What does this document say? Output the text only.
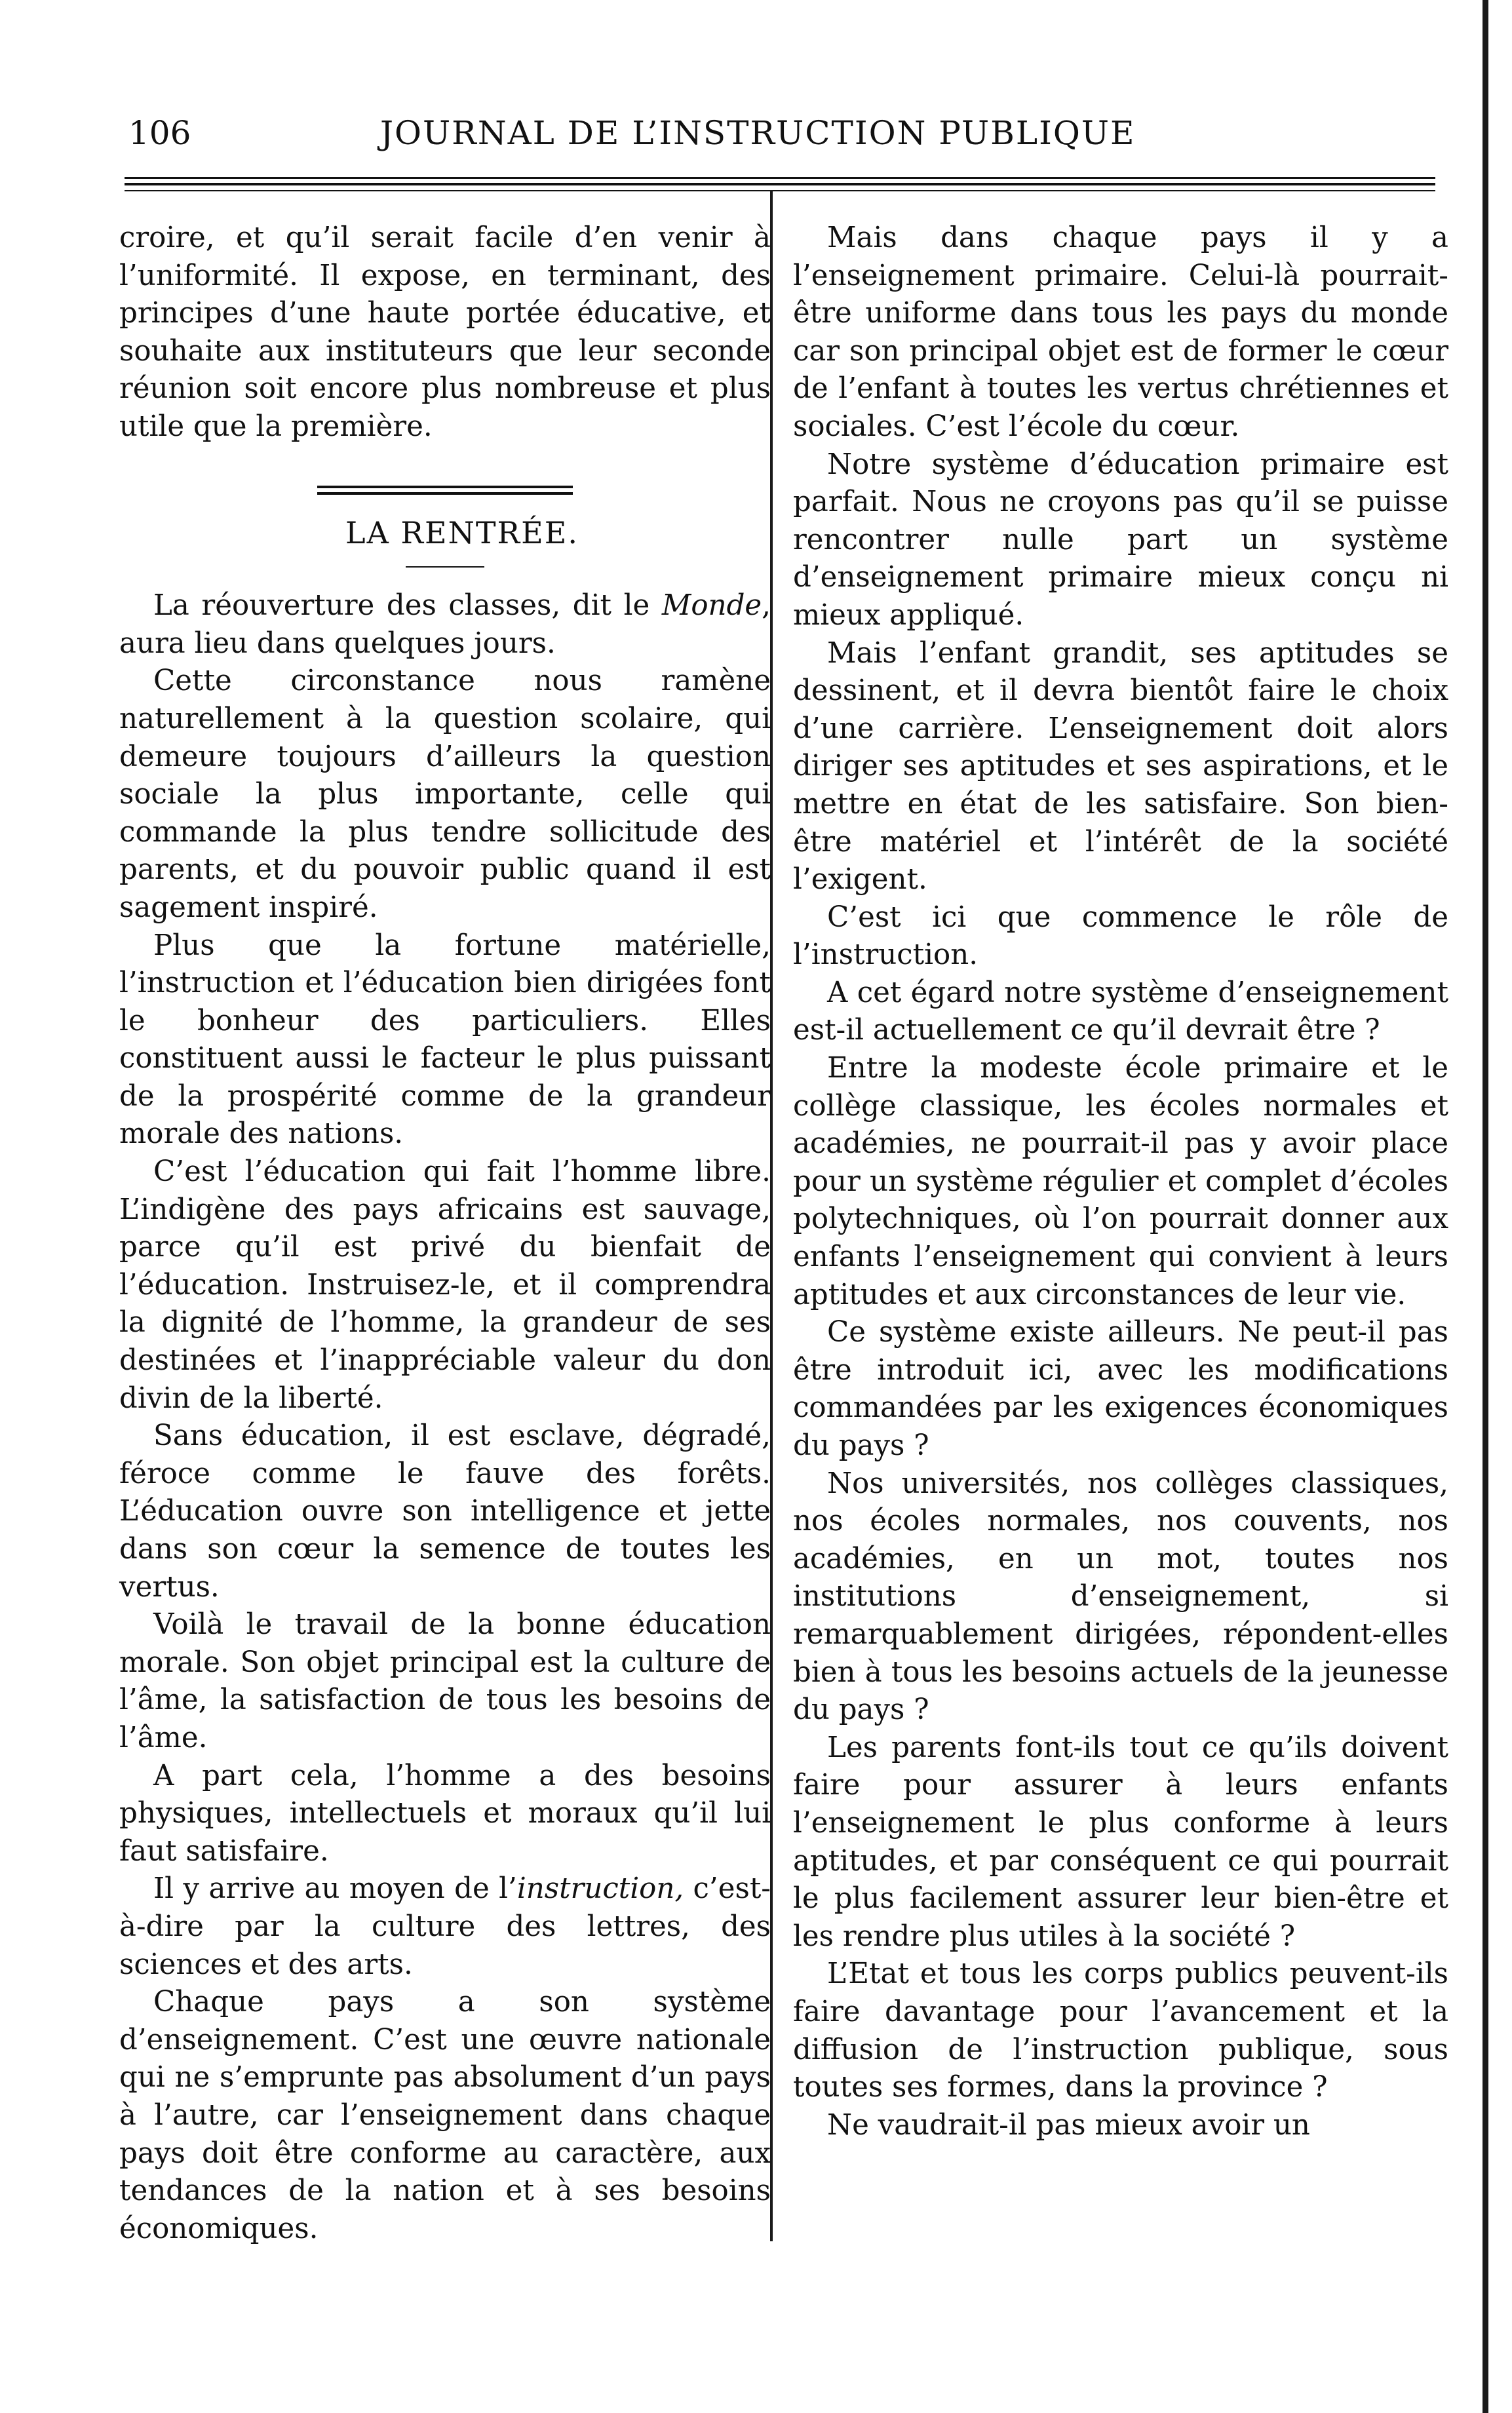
106	JOURNAL DE L’INSTRUCTION PUBLIQUE

croire, et qu’il serait facile d’en venir à l’uniformité. Il expose, en terminant, des principes d’une haute portée éducative, et souhaite aux instituteurs que leur seconde réunion soit encore plus nombreuse et plus utile que la première.

LA RENTRÉE.

La réouverture des classes, dit le Monde, aura lieu dans quelques jours.

Cette circonstance nous ramène naturellement à la question scolaire, qui demeure toujours d’ailleurs la question sociale la plus importante, celle qui commande la plus tendre sollicitude des parents, et du pouvoir public quand il est sagement inspiré.

Plus que la fortune matérielle, l’instruction et l’éducation bien dirigées font le bonheur des particuliers. Elles constituent aussi le facteur le plus puissant de la prospérité comme de la grandeur morale des nations.

C’est l’éducation qui fait l’homme libre. L’indigène des pays africains est sauvage, parce qu’il est privé du bienfait de l’éducation. Instruisez-le, et il comprendra la dignité de l’homme, la grandeur de ses destinées et l’inappréciable valeur du don divin de la liberté.

Sans éducation, il est esclave, dégradé, féroce comme le fauve des forêts. L’éducation ouvre son intelligence et jette dans son cœur la semence de toutes les vertus.

Voilà le travail de la bonne éducation morale. Son objet principal est la culture de l’âme, la satisfaction de tous les besoins de l’âme.

A part cela, l’homme a des besoins physiques, intellectuels et moraux qu’il lui faut satisfaire.

Il y arrive au moyen de l’instruction, c’est-à-dire par la culture des lettres, des sciences et des arts.

Chaque pays a son système d’enseignement. C’est une œuvre nationale qui ne s’emprunte pas absolument d’un pays à l’autre, car l’enseignement dans chaque pays doit être conforme au caractère, aux tendances de la nation et à ses besoins économiques.

Mais dans chaque pays il y a l’enseignement primaire. Celui-là pourrait-être uniforme dans tous les pays du monde car son principal objet est de former le cœur de l’enfant à toutes les vertus chrétiennes et sociales. C’est l’école du cœur.

Notre système d’éducation primaire est parfait. Nous ne croyons pas qu’il se puisse rencontrer nulle part un système d’enseignement primaire mieux conçu ni mieux appliqué.

Mais l’enfant grandit, ses aptitudes se dessinent, et il devra bientôt faire le choix d’une carrière. L’enseignement doit alors diriger ses aptitudes et ses aspirations, et le mettre en état de les satisfaire. Son bien-être matériel et l’intérêt de la société l’exigent.

C’est ici que commence le rôle de l’instruction.

A cet égard notre système d’enseignement est-il actuellement ce qu’il devrait être ?

Entre la modeste école primaire et le collège classique, les écoles normales et académies, ne pourrait-il pas y avoir place pour un système régulier et complet d’écoles polytechniques, où l’on pourrait donner aux enfants l’enseignement qui convient à leurs aptitudes et aux circonstances de leur vie.

Ce système existe ailleurs. Ne peut-il pas être introduit ici, avec les modifications commandées par les exigences économiques du pays ?

Nos universités, nos collèges classiques, nos écoles normales, nos couvents, nos académies, en un mot, toutes nos institutions d’enseignement, si remarquablement dirigées, répondent-elles bien à tous les besoins actuels de la jeunesse du pays ?

Les parents font-ils tout ce qu’ils doivent faire pour assurer à leurs enfants l’enseignement le plus conforme à leurs aptitudes, et par conséquent ce qui pourrait le plus facilement assurer leur bien-être et les rendre plus utiles à la société ?

L’Etat et tous les corps publics peuvent-ils faire davantage pour l’avancement et la diffusion de l’instruction publique, sous toutes ses formes, dans la province ?

Ne vaudrait-il pas mieux avoir un
